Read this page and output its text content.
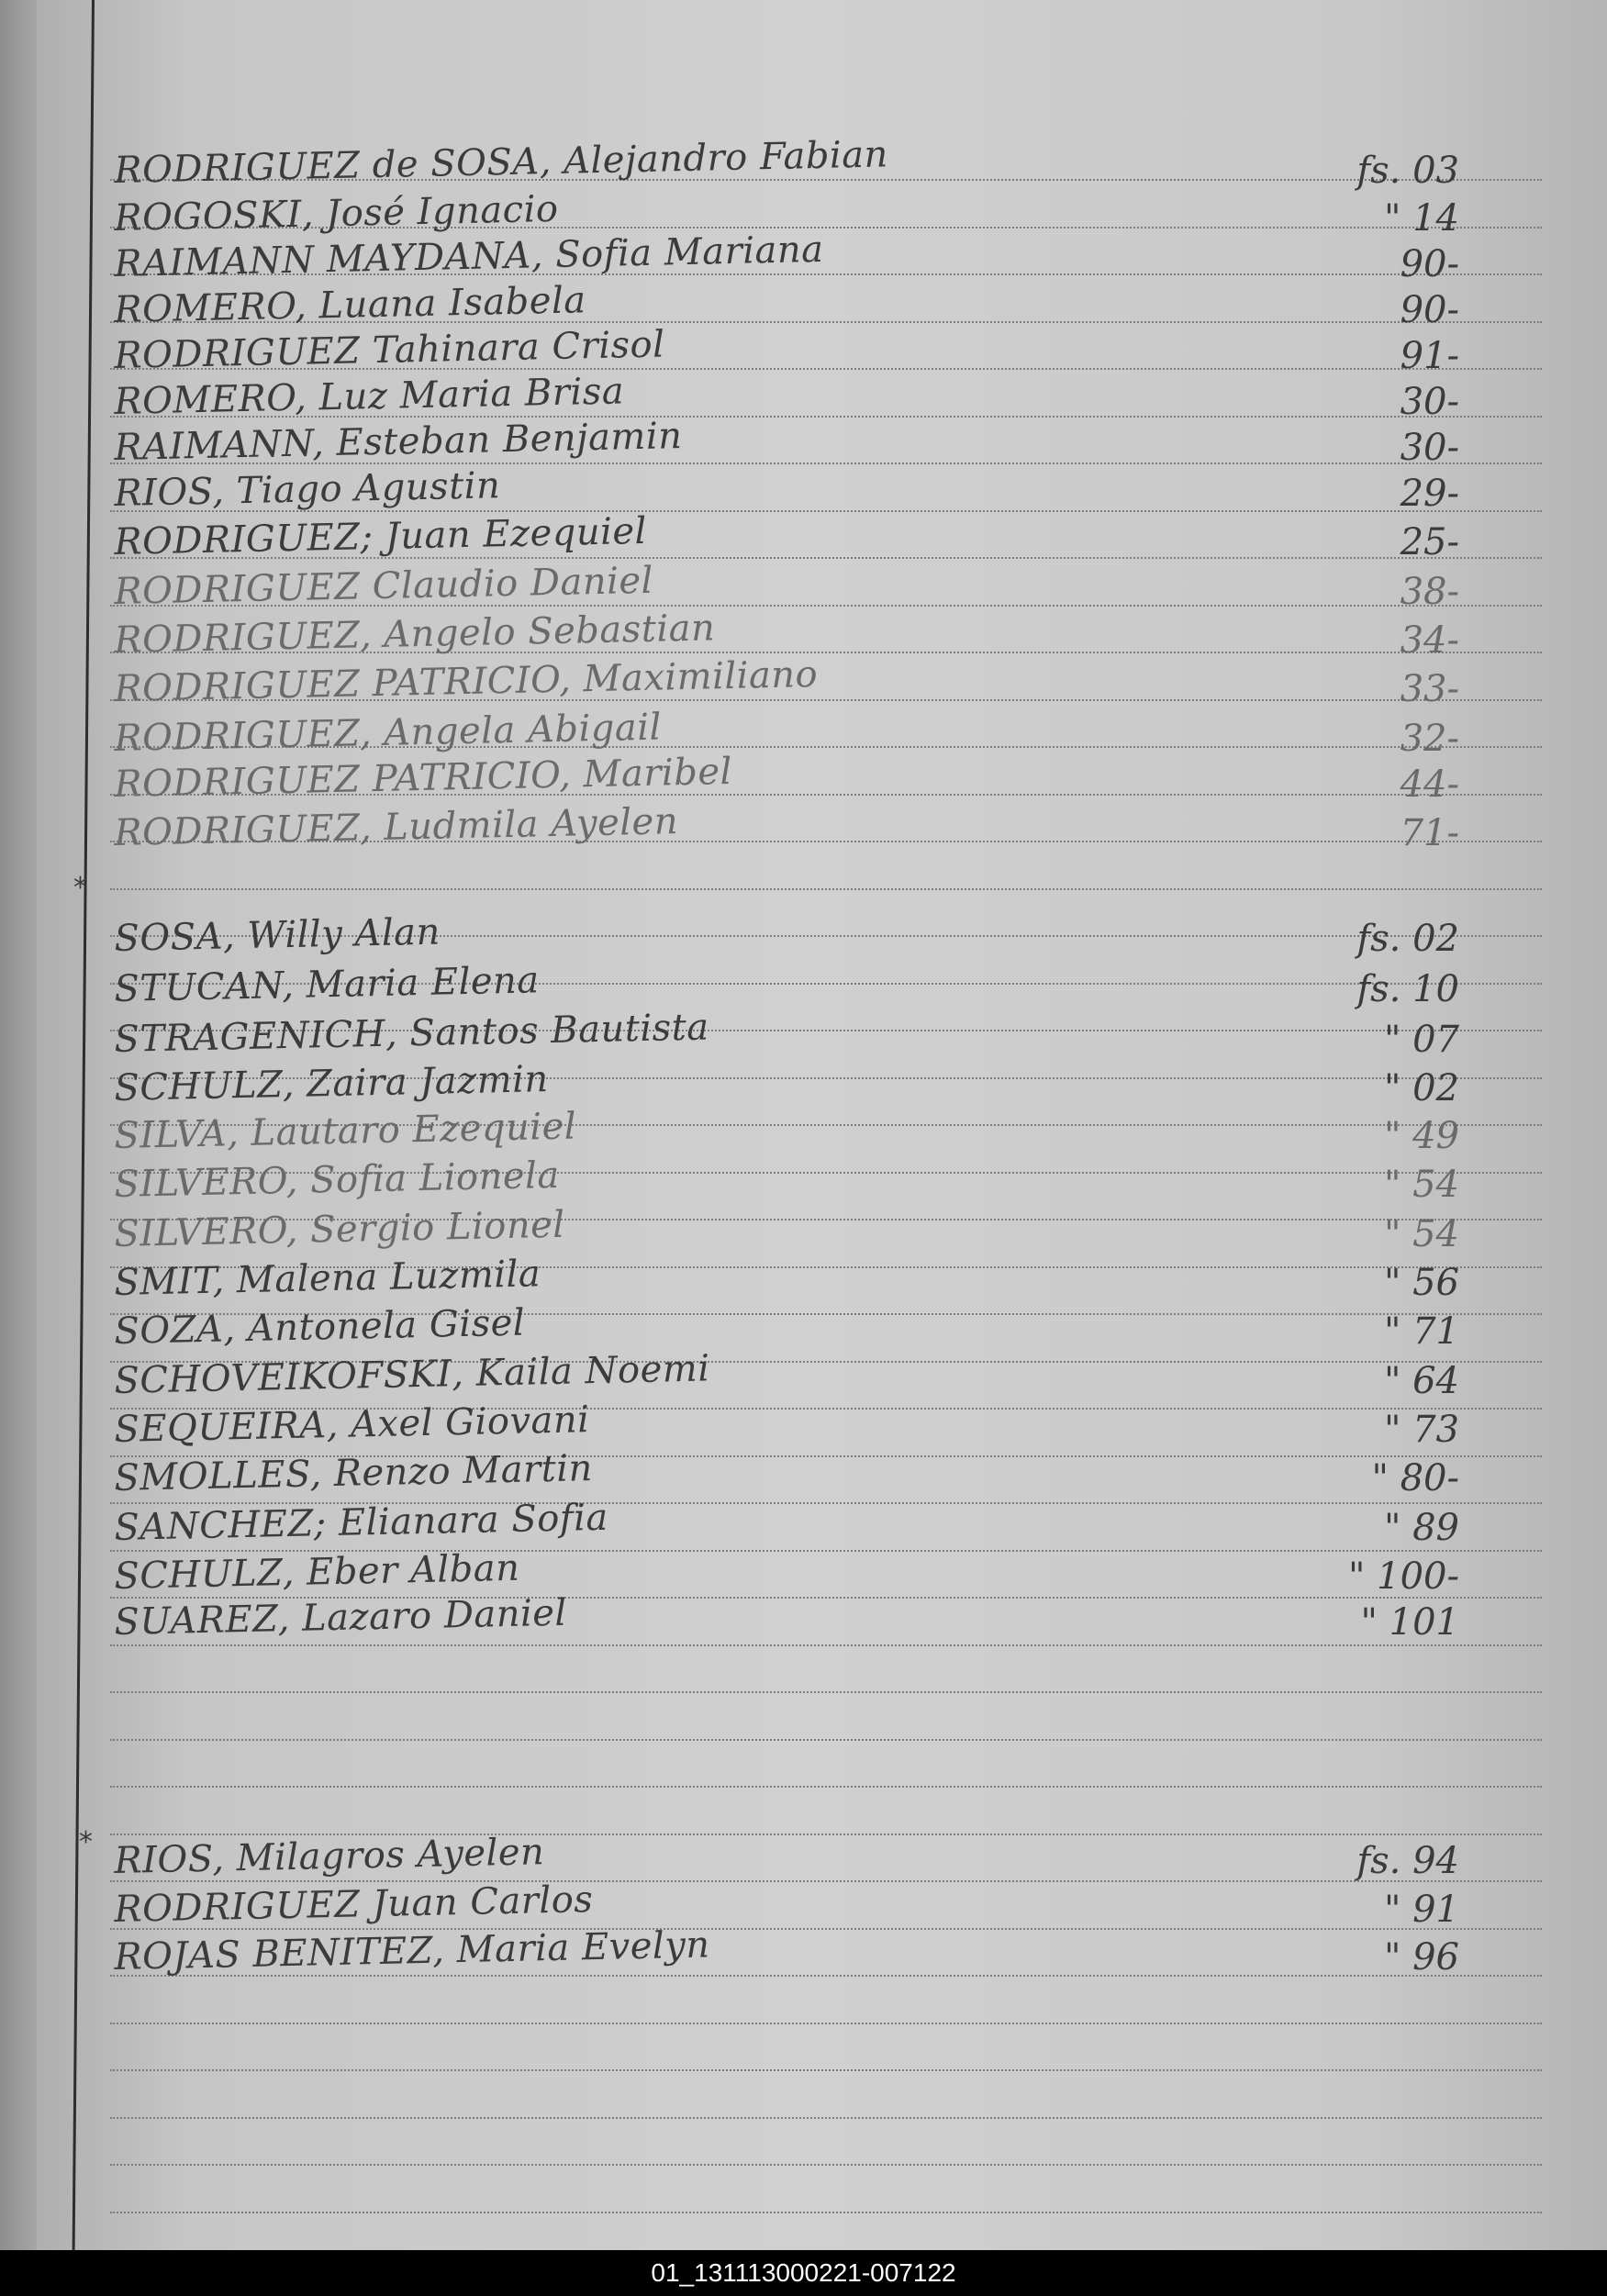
*
*
RODRIGUEZ de SOSA, Alejandro Fabian	fs. 03
ROGOSKI, José Ignacio	" 14
RAIMANN MAYDANA, Sofia Mariana	90-
ROMERO, Luana Isabela	90-
RODRIGUEZ Tahinara Crisol	91-
ROMERO, Luz Maria Brisa	30-
RAIMANN, Esteban Benjamin	30-
RIOS, Tiago Agustin	29-
RODRIGUEZ; Juan Ezequiel	25-
RODRIGUEZ Claudio Daniel	38-
RODRIGUEZ, Angelo Sebastian	34-
RODRIGUEZ PATRICIO, Maximiliano	33-
RODRIGUEZ, Angela Abigail	32-
RODRIGUEZ PATRICIO, Maribel	44-
RODRIGUEZ, Ludmila Ayelen	71-
SOSA, Willy Alan	fs. 02
STUCAN, Maria Elena	fs. 10
STRAGENICH, Santos Bautista	" 07
SCHULZ, Zaira Jazmin	" 02
SILVA, Lautaro Ezequiel	" 49
SILVERO, Sofia Lionela	" 54
SILVERO, Sergio Lionel	" 54
SMIT, Malena Luzmila	" 56
SOZA, Antonela Gisel	" 71
SCHOVEIKOFSKI, Kaila Noemi	" 64
SEQUEIRA, Axel Giovani	" 73
SMOLLES, Renzo Martin	" 80-
SANCHEZ; Elianara Sofia	" 89
SCHULZ, Eber Alban	" 100-
SUAREZ, Lazaro Daniel	" 101
RIOS, Milagros Ayelen	fs. 94
RODRIGUEZ Juan Carlos	" 91
ROJAS BENITEZ, Maria Evelyn	" 96
01_131113000221-007122
